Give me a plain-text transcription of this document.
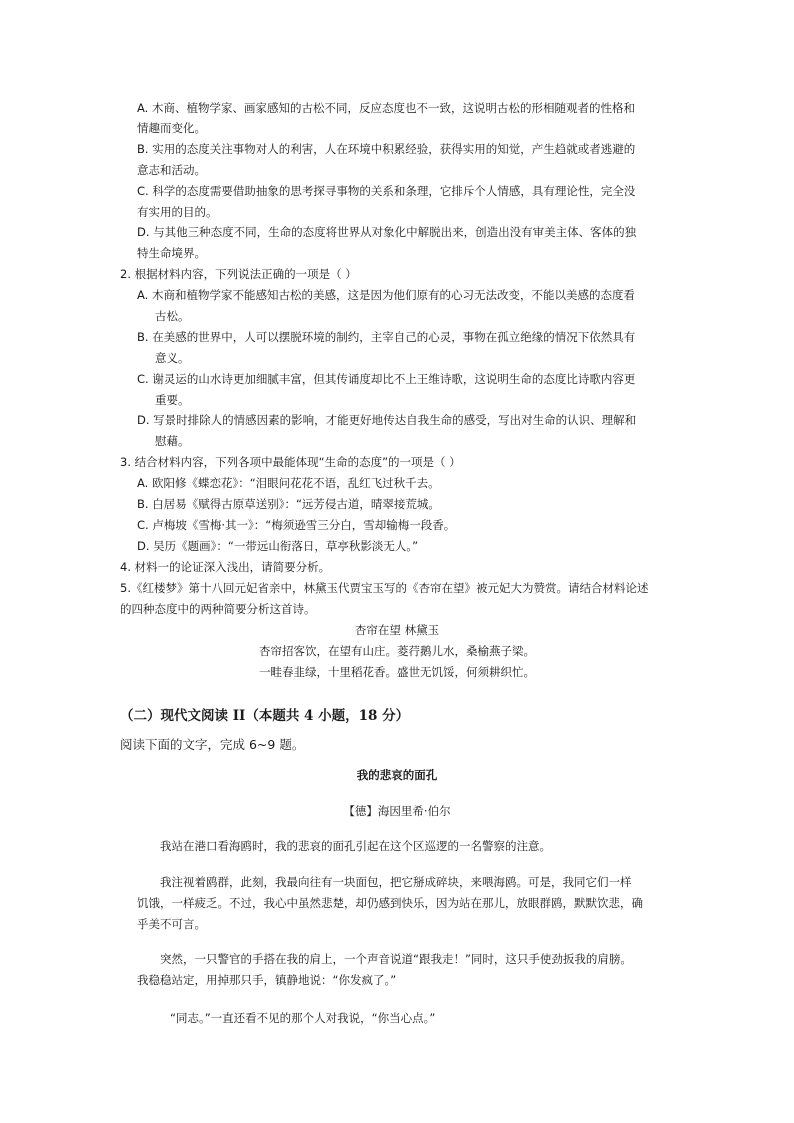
A. 木商、植物学家、画家感知的古松不同，反应态度也不一致，这说明古松的形相随观者的性格和
情趣而变化。
B. 实用的态度关注事物对人的利害，人在环境中积累经验，获得实用的知觉，产生趋就或者逃避的
意志和活动。
C. 科学的态度需要借助抽象的思考探寻事物的关系和条理，它排斥个人情感，具有理论性，完全没
有实用的目的。
D. 与其他三种态度不同，生命的态度将世界从对象化中解脱出来，创造出没有审美主体、客体的独
特生命境界。
2. 根据材料内容，下列说法正确的一项是（ ）
A. 木商和植物学家不能感知古松的美感，这是因为他们原有的心习无法改变，不能以美感的态度看
古松。
B. 在美感的世界中，人可以摆脱环境的制约，主宰自己的心灵，事物在孤立绝缘的情况下依然具有
意义。
C. 谢灵运的山水诗更加细腻丰富，但其传诵度却比不上王维诗歌，这说明生命的态度比诗歌内容更
重要。
D. 写景时排除人的情感因素的影响，才能更好地传达自我生命的感受，写出对生命的认识、理解和
慰藉。
3. 结合材料内容，下列各项中最能体现“生命的态度”的一项是（ ）
A. 欧阳修《蝶恋花》：“泪眼问花花不语，乱红飞过秋千去。
B. 白居易《赋得古原草送别》：“远芳侵古道，晴翠接荒城。
C. 卢梅坡《雪梅·其一》：“梅须逊雪三分白，雪却输梅一段香。
D. 吴历《题画》：“一带远山衔落日，草亭秋影淡无人。”
4. 材料一的论证深入浅出，请简要分析。
5.《红楼梦》第十八回元妃省亲中，林黛玉代贾宝玉写的《杏帘在望》被元妃大为赞赏。请结合材料论述
的四种态度中的两种简要分析这首诗。
杏帘在望 林黛玉
杏帘招客饮，在望有山庄。菱荇鹅儿水，桑榆燕子梁。
一畦春韭绿，十里稻花香。盛世无饥馁，何须耕织忙。
（二）现代文阅读 II（本题共 4 小题，18 分）
阅读下面的文字，完成 6~9 题。
我的悲哀的面孔
【德】海因里希·伯尔
我站在港口看海鸥时，我的悲哀的面孔引起在这个区巡逻的一名警察的注意。
我注视着鸥群，此刻，我最向往有一块面包，把它掰成碎块，来喂海鸥。可是，我同它们一样
饥饿，一样疲乏。不过，我心中虽然悲楚，却仍感到快乐，因为站在那儿，放眼群鸥，默默饮悲，确
乎美不可言。
突然，一只警官的手搭在我的肩上，一个声音说道“跟我走！”同时，这只手使劲扳我的肩膀。
我稳稳站定，用掉那只手，镇静地说：“你发疯了。”
“同志。”一直还看不见的那个人对我说，“你当心点。”
